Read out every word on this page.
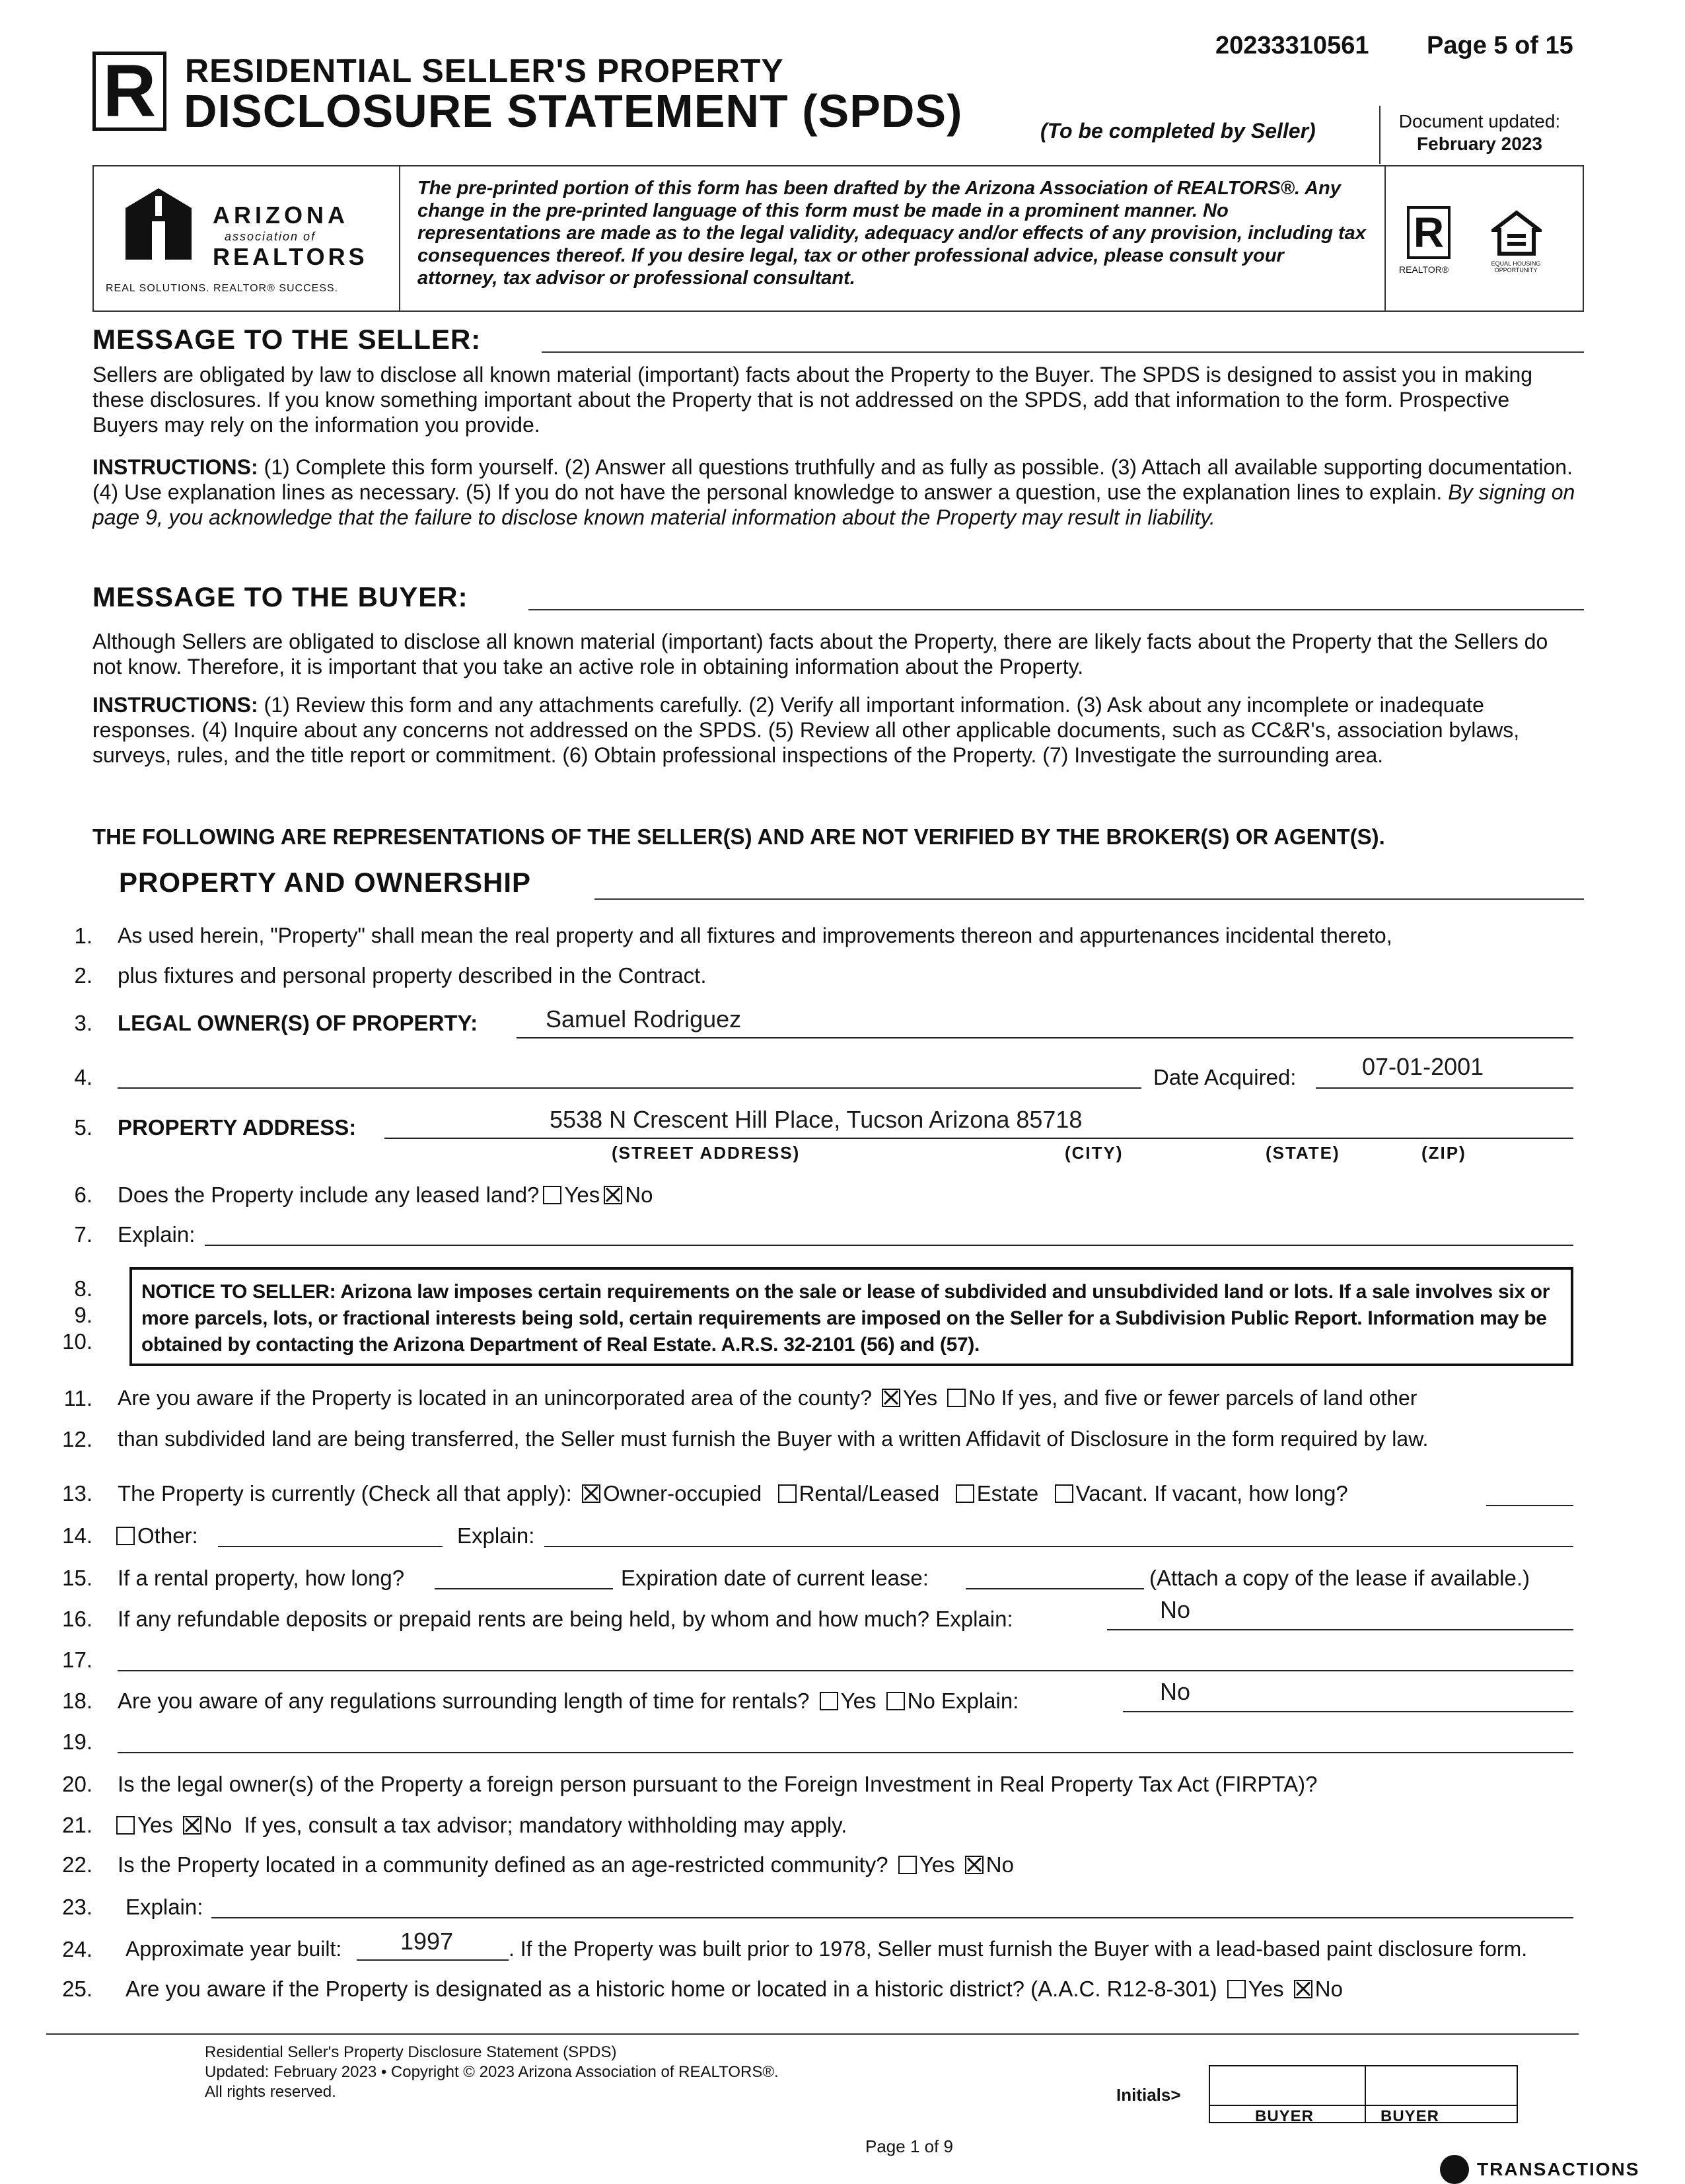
20233310561 Page 5 of 15
R RESIDENTIAL SELLER'S PROPERTY
DISCLOSURE STATEMENT (SPDS)	(To be completed by Seller)	Document updated:
February 2023
ARIZONA
association of
REALTORS
REAL SOLUTIONS. REALTOR® SUCCESS.
The pre-printed portion of this form has been drafted by the Arizona Association of REALTORS®. Any change in the pre-printed language of this form must be made in a prominent manner. No representations are made as to the legal validity, adequacy and/or effects of any provision, including tax consequences thereof. If you desire legal, tax or other professional advice, please consult your attorney, tax advisor or professional consultant.
R
REALTOR®
EQUAL HOUSING OPPORTUNITY
MESSAGE TO THE SELLER:
Sellers are obligated by law to disclose all known material (important) facts about the Property to the Buyer. The SPDS is designed to assist you in making these disclosures. If you know something important about the Property that is not addressed on the SPDS, add that information to the form. Prospective Buyers may rely on the information you provide.
INSTRUCTIONS: (1) Complete this form yourself. (2) Answer all questions truthfully and as fully as possible. (3) Attach all available supporting documentation. (4) Use explanation lines as necessary. (5) If you do not have the personal knowledge to answer a question, use the explanation lines to explain. By signing on page 9, you acknowledge that the failure to disclose known material information about the Property may result in liability.
MESSAGE TO THE BUYER:
Although Sellers are obligated to disclose all known material (important) facts about the Property, there are likely facts about the Property that the Sellers do not know. Therefore, it is important that you take an active role in obtaining information about the Property.
INSTRUCTIONS: (1) Review this form and any attachments carefully. (2) Verify all important information. (3) Ask about any incomplete or inadequate responses. (4) Inquire about any concerns not addressed on the SPDS. (5) Review all other applicable documents, such as CC&R's, association bylaws, surveys, rules, and the title report or commitment. (6) Obtain professional inspections of the Property. (7) Investigate the surrounding area.
THE FOLLOWING ARE REPRESENTATIONS OF THE SELLER(S) AND ARE NOT VERIFIED BY THE BROKER(S) OR AGENT(S).
PROPERTY AND OWNERSHIP
1. As used herein, "Property" shall mean the real property and all fixtures and improvements thereon and appurtenances incidental thereto,
2. plus fixtures and personal property described in the Contract.
3. LEGAL OWNER(S) OF PROPERTY:	Samuel Rodriguez
4.	Date Acquired:	07-01-2001
5. PROPERTY ADDRESS:	5538 N Crescent Hill Place, Tucson Arizona 85718
(STREET ADDRESS)	(CITY)	(STATE)	(ZIP)
6. Does the Property include any leased land? Yes No
7. Explain:
8.
9.
10.
NOTICE TO SELLER: Arizona law imposes certain requirements on the sale or lease of subdivided and unsubdivided land or lots. If a sale involves six or more parcels, lots, or fractional interests being sold, certain requirements are imposed on the Seller for a Subdivision Public Report. Information may be obtained by contacting the Arizona Department of Real Estate. A.R.S. 32-2101 (56) and (57).
11. Are you aware if the Property is located in an unincorporated area of the county? Yes No If yes, and five or fewer parcels of land other
12. than subdivided land are being transferred, the Seller must furnish the Buyer with a written Affidavit of Disclosure in the form required by law.
13. The Property is currently (Check all that apply): Owner-occupied Rental/Leased Estate Vacant. If vacant, how long?
14.	Other:	Explain:
15. If a rental property, how long?	Expiration date of current lease:	(Attach a copy of the lease if available.)
16. If any refundable deposits or prepaid rents are being held, by whom and how much? Explain:	No
17.
18. Are you aware of any regulations surrounding length of time for rentals? Yes No Explain:	No
19.
20. Is the legal owner(s) of the Property a foreign person pursuant to the Foreign Investment in Real Property Tax Act (FIRPTA)?
21.	Yes No If yes, consult a tax advisor; mandatory withholding may apply.
22. Is the Property located in a community defined as an age-restricted community? Yes No
23. Explain:
24. Approximate year built: 1997	. If the Property was built prior to 1978, Seller must furnish the Buyer with a lead-based paint disclosure form.
25. Are you aware if the Property is designated as a historic home or located in a historic district? (A.A.C. R12-8-301) Yes No
Residential Seller's Property Disclosure Statement (SPDS)
Updated: February 2023 • Copyright © 2023 Arizona Association of REALTORS®.
All rights reserved.	Initials>
BUYER	BUYER
Page 1 of 9
TRANSACTIONS
